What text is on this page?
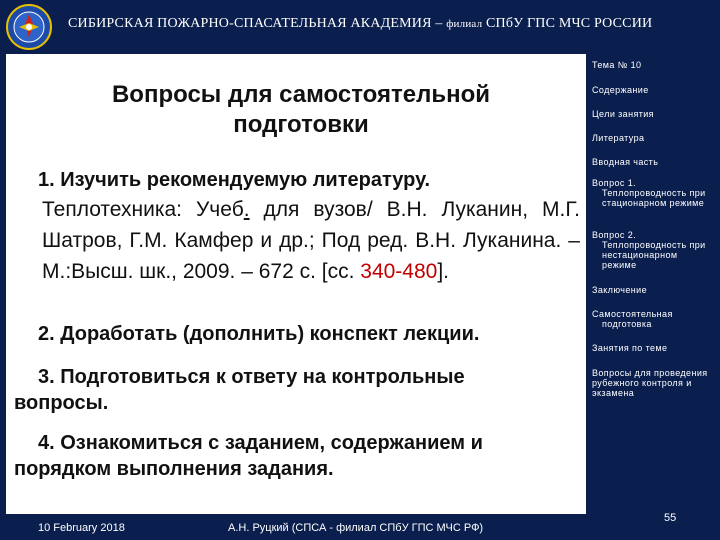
СИБИРСКАЯ ПОЖАРНО-СПАСАТЕЛЬНАЯ АКАДЕМИЯ – филиал СПбУ ГПС МЧС РОССИИ
Вопросы для самостоятельной
подготовки
1. Изучить рекомендуемую литературу.
Теплотехника: Учеб. для вузов/ В.Н. Луканин, М.Г. Шатров, Г.М. Камфер и др.; Под ред. В.Н. Луканина. – М.:Высш. шк., 2009. – 672 с. [сс. 340-480].
2. Доработать (дополнить) конспект лекции.
3. Подготовиться к ответу на контрольные
вопросы.
4. Ознакомиться с заданием, содержанием и
порядком выполнения задания.
Тема № 10
Содержание
Цели занятия
Литература
Вводная часть
Вопрос 1.
Теплопроводность при стационарном режиме
Вопрос 2.
Теплопроводность при нестационарном режиме
Заключение
Самостоятельная
подготовка
Занятия по теме
Вопросы для проведения рубежного контроля и экзамена
10 February 2018	А.Н. Руцкий (СПСА - филиал СПбУ ГПС МЧС РФ)
55
